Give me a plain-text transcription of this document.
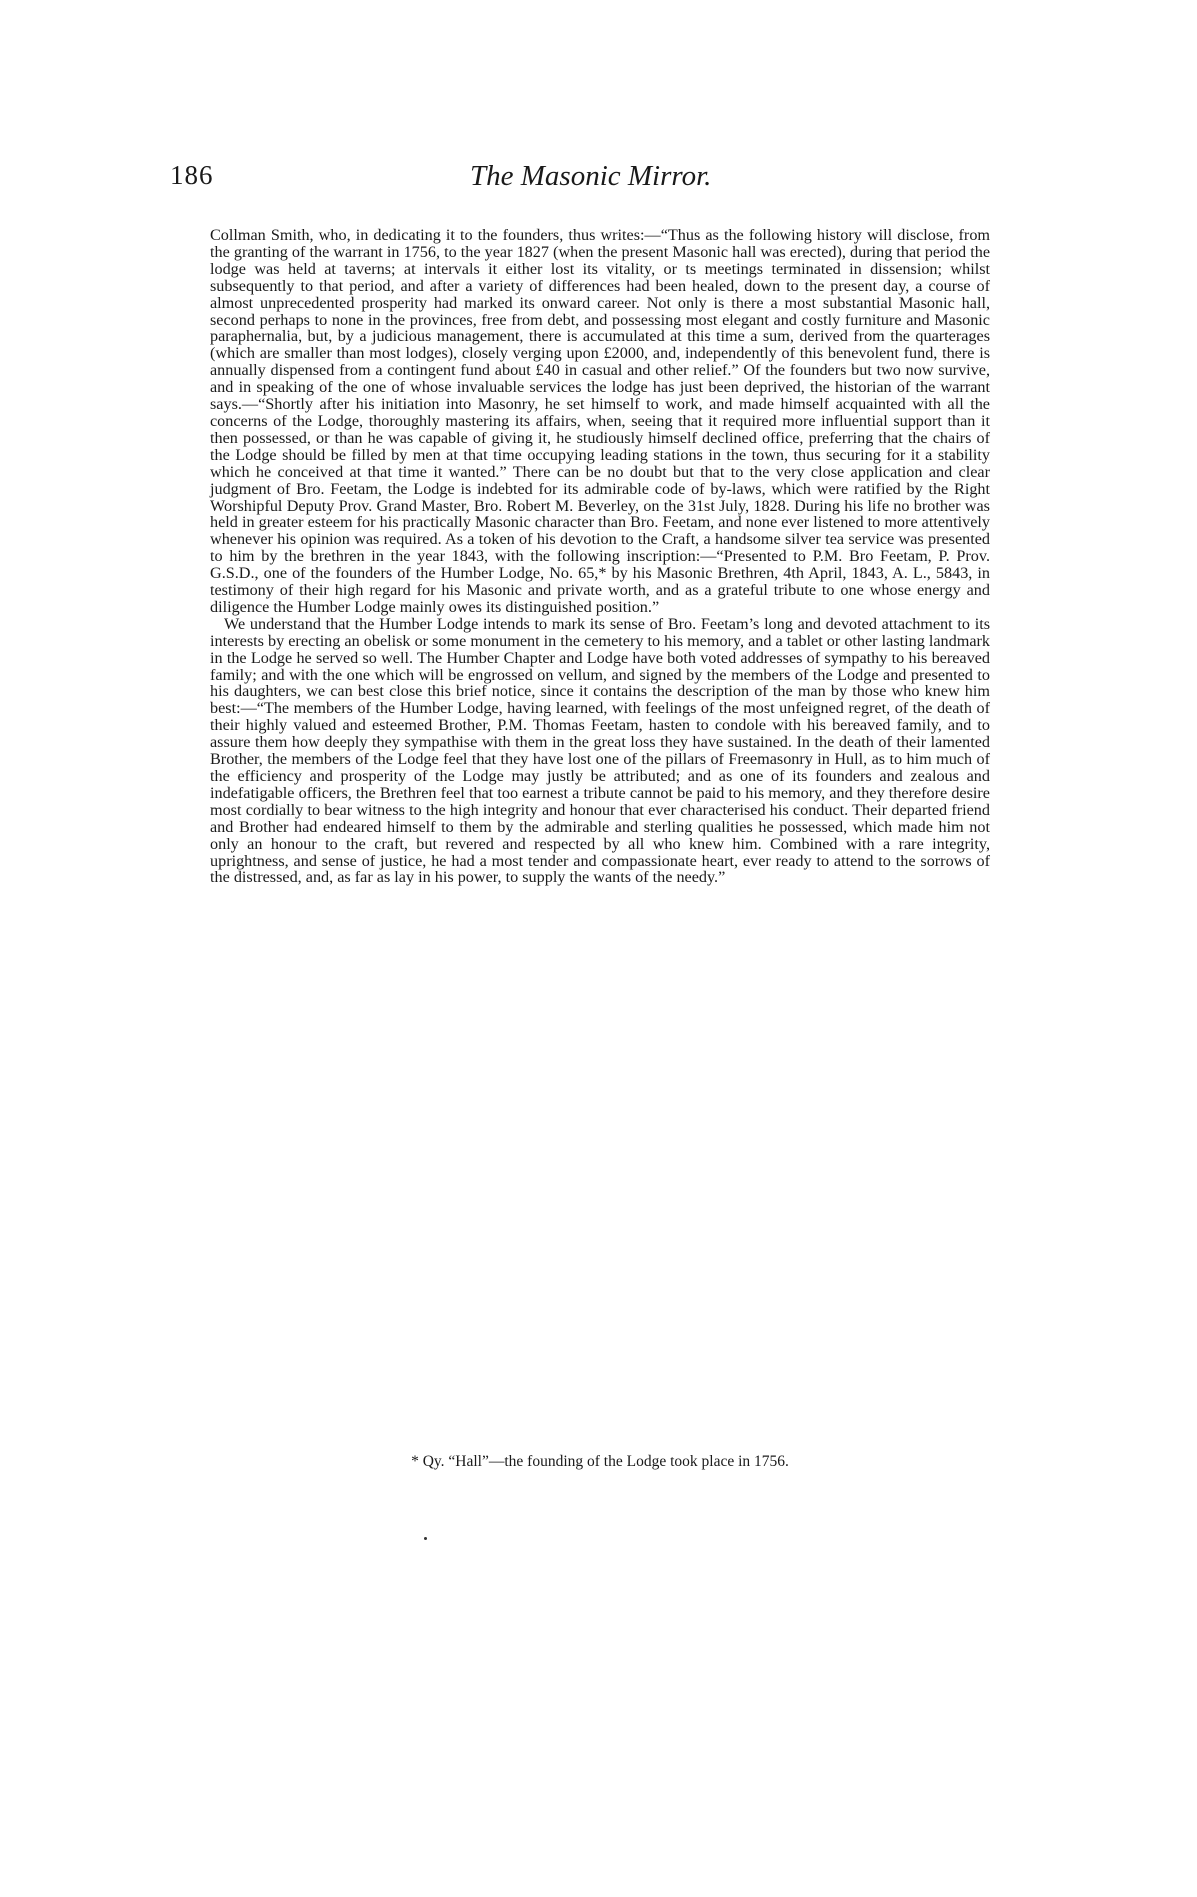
186	The Masonic Mirror.

Collman Smith, who, in dedicating it to the founders, thus writes:—“Thus as the following history will disclose, from the granting of the warrant in 1756, to the year 1827 (when the present Masonic hall was erected), during that period the lodge was held at taverns; at intervals it either lost its vitality, or ts meetings terminated in dissension; whilst subsequently to that period, and after a variety of differences had been healed, down to the present day, a course of almost unprecedented prosperity had marked its onward career. Not only is there a most substantial Masonic hall, second perhaps to none in the provinces, free from debt, and possessing most elegant and costly furniture and Masonic paraphernalia, but, by a judicious management, there is accumulated at this time a sum, derived from the quarterages (which are smaller than most lodges), closely verging upon £2000, and, independently of this benevolent fund, there is annually dispensed from a contingent fund about £40 in casual and other relief.” Of the founders but two now survive, and in speaking of the one of whose invaluable services the lodge has just been deprived, the historian of the warrant says.—“Shortly after his initiation into Masonry, he set himself to work, and made himself acquainted with all the concerns of the Lodge, thoroughly mastering its affairs, when, seeing that it required more influential support than it then possessed, or than he was capable of giving it, he studiously himself declined office, preferring that the chairs of the Lodge should be filled by men at that time occupying leading stations in the town, thus securing for it a stability which he conceived at that time it wanted.” There can be no doubt but that to the very close application and clear judgment of Bro. Feetam, the Lodge is indebted for its admirable code of by-laws, which were ratified by the Right Worshipful Deputy Prov. Grand Master, Bro. Robert M. Beverley, on the 31st July, 1828. During his life no brother was held in greater esteem for his practically Masonic character than Bro. Feetam, and none ever listened to more attentively whenever his opinion was required. As a token of his devotion to the Craft, a handsome silver tea service was presented to him by the brethren in the year 1843, with the following inscription:—“Presented to P.M. Bro Feetam, P. Prov. G.S.D., one of the founders of the Humber Lodge, No. 65,* by his Masonic Brethren, 4th April, 1843, A. L., 5843, in testimony of their high regard for his Masonic and private worth, and as a grateful tribute to one whose energy and diligence the Humber Lodge mainly owes its distinguished position.”

We understand that the Humber Lodge intends to mark its sense of Bro. Feetam’s long and devoted attachment to its interests by erecting an obelisk or some monument in the cemetery to his memory, and a tablet or other lasting landmark in the Lodge he served so well. The Humber Chapter and Lodge have both voted addresses of sympathy to his bereaved family; and with the one which will be engrossed on vellum, and signed by the members of the Lodge and presented to his daughters, we can best close this brief notice, since it contains the description of the man by those who knew him best:—“The members of the Humber Lodge, having learned, with feelings of the most unfeigned regret, of the death of their highly valued and esteemed Brother, P.M. Thomas Feetam, hasten to condole with his bereaved family, and to assure them how deeply they sympathise with them in the great loss they have sustained. In the death of their lamented Brother, the members of the Lodge feel that they have lost one of the pillars of Freemasonry in Hull, as to him much of the efficiency and prosperity of the Lodge may justly be attributed; and as one of its founders and zealous and indefatigable officers, the Brethren feel that too earnest a tribute cannot be paid to his memory, and they therefore desire most cordially to bear witness to the high integrity and honour that ever characterised his conduct. Their departed friend and Brother had endeared himself to them by the admirable and sterling qualities he possessed, which made him not only an honour to the craft, but revered and respected by all who knew him. Combined with a rare integrity, uprightness, and sense of justice, he had a most tender and compassionate heart, ever ready to attend to the sorrows of the distressed, and, as far as lay in his power, to supply the wants of the needy.”

* Qy. “Hall”—the founding of the Lodge took place in 1756.
